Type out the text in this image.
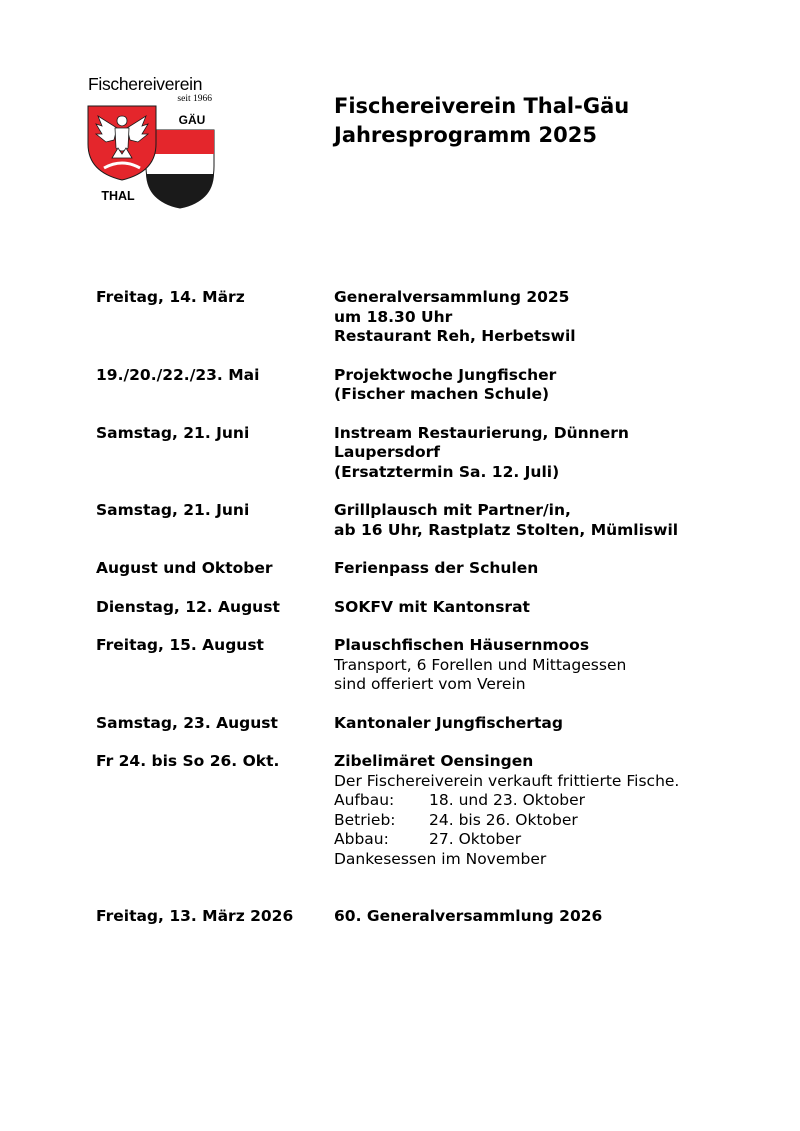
Fischereiverein
seit 1966
GÄU
THAL
Fischereiverein Thal-Gäu
Jahresprogramm 2025
Freitag, 14. März	Generalversammlung 2025
um 18.30 Uhr
Restaurant Reh, Herbetswil
19./20./22./23. Mai	Projektwoche Jungfischer
(Fischer machen Schule)
Samstag, 21. Juni	Instream Restaurierung, Dünnern
Laupersdorf
(Ersatztermin Sa. 12. Juli)
Samstag, 21. Juni	Grillplausch mit Partner/in,
ab 16 Uhr, Rastplatz Stolten, Mümliswil
August und Oktober	Ferienpass der Schulen
Dienstag, 12. August	SOKFV mit Kantonsrat
Freitag, 15. August	Plauschfischen Häusernmoos
Transport, 6 Forellen und Mittagessen
sind offeriert vom Verein
Samstag, 23. August	Kantonaler Jungfischertag
Fr 24. bis So 26. Okt.	Zibelimäret Oensingen
Der Fischereiverein verkauft frittierte Fische.
Aufbau:	18. und 23. Oktober
Betrieb:	24. bis 26. Oktober
Abbau:	27. Oktober
Dankesessen im November
Freitag, 13. März 2026	60. Generalversammlung 2026
